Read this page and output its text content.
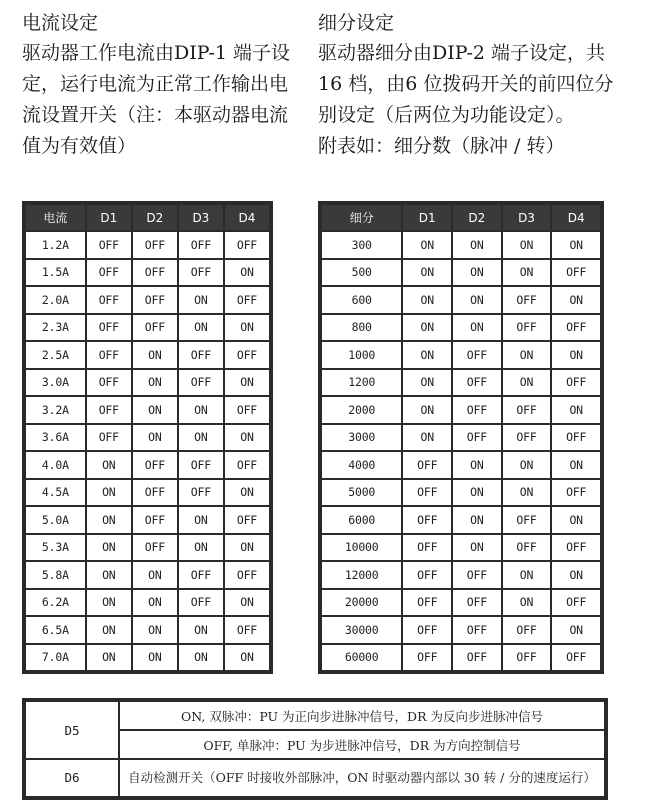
电流设定

驱动器工作电流由DIP-1 端子设定，运行电流为正常工作输出电流设置开关（注：本驱动器电流值为有效值）

细分设定

驱动器细分由DIP-2 端子设定，共16 档，由6 位拨码开关的前四位分别设定（后两位为功能设定）。

附表如：细分数（脉冲 / 转）

电流	D1	D2	D3	D4
1.2A	OFF	OFF	OFF	OFF
1.5A	OFF	OFF	OFF	ON
2.0A	OFF	OFF	ON	OFF
2.3A	OFF	OFF	ON	ON
2.5A	OFF	ON	OFF	OFF
3.0A	OFF	ON	OFF	ON
3.2A	OFF	ON	ON	OFF
3.6A	OFF	ON	ON	ON
4.0A	ON	OFF	OFF	OFF
4.5A	ON	OFF	OFF	ON
5.0A	ON	OFF	ON	OFF
5.3A	ON	OFF	ON	ON
5.8A	ON	ON	OFF	OFF
6.2A	ON	ON	OFF	ON
6.5A	ON	ON	ON	OFF
7.0A	ON	ON	ON	ON
细分	D1	D2	D3	D4
300	ON	ON	ON	ON
500	ON	ON	ON	OFF
600	ON	ON	OFF	ON
800	ON	ON	OFF	OFF
1000	ON	OFF	ON	ON
1200	ON	OFF	ON	OFF
2000	ON	OFF	OFF	ON
3000	ON	OFF	OFF	OFF
4000	OFF	ON	ON	ON
5000	OFF	ON	ON	OFF
6000	OFF	ON	OFF	ON
10000	OFF	ON	OFF	OFF
12000	OFF	OFF	ON	ON
20000	OFF	OFF	ON	OFF
30000	OFF	OFF	OFF	ON
60000	OFF	OFF	OFF	OFF
D5	ON, 双脉冲：PU 为正向步进脉冲信号，DR 为反向步进脉冲信号
	OFF, 单脉冲：PU 为步进脉冲信号，DR 为方向控制信号
D6	自动检测开关（OFF 时接收外部脉冲，ON 时驱动器内部以 30 转 / 分的速度运行）
